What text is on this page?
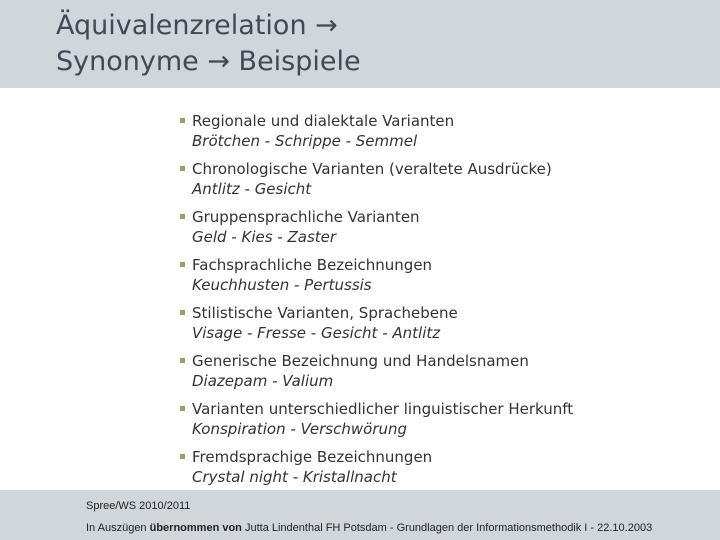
Äquivalenzrelation →
Synonyme → Beispiele
Regionale und dialektale Varianten
Brötchen - Schrippe - Semmel
Chronologische Varianten (veraltete Ausdrücke)
Antlitz - Gesicht
Gruppensprachliche Varianten
Geld - Kies - Zaster
Fachsprachliche Bezeichnungen
Keuchhusten - Pertussis
Stilistische Varianten, Sprachebene
Visage - Fresse - Gesicht - Antlitz
Generische Bezeichnung und Handelsnamen
Diazepam - Valium
Varianten unterschiedlicher linguistischer Herkunft
Konspiration - Verschwörung
Fremdsprachige Bezeichnungen
Crystal night - Kristallnacht
Spree/WS 2010/2011
In Auszügen übernommen von Jutta Lindenthal FH Potsdam - Grundlagen der Informationsmethodik I - 22.10.2003
